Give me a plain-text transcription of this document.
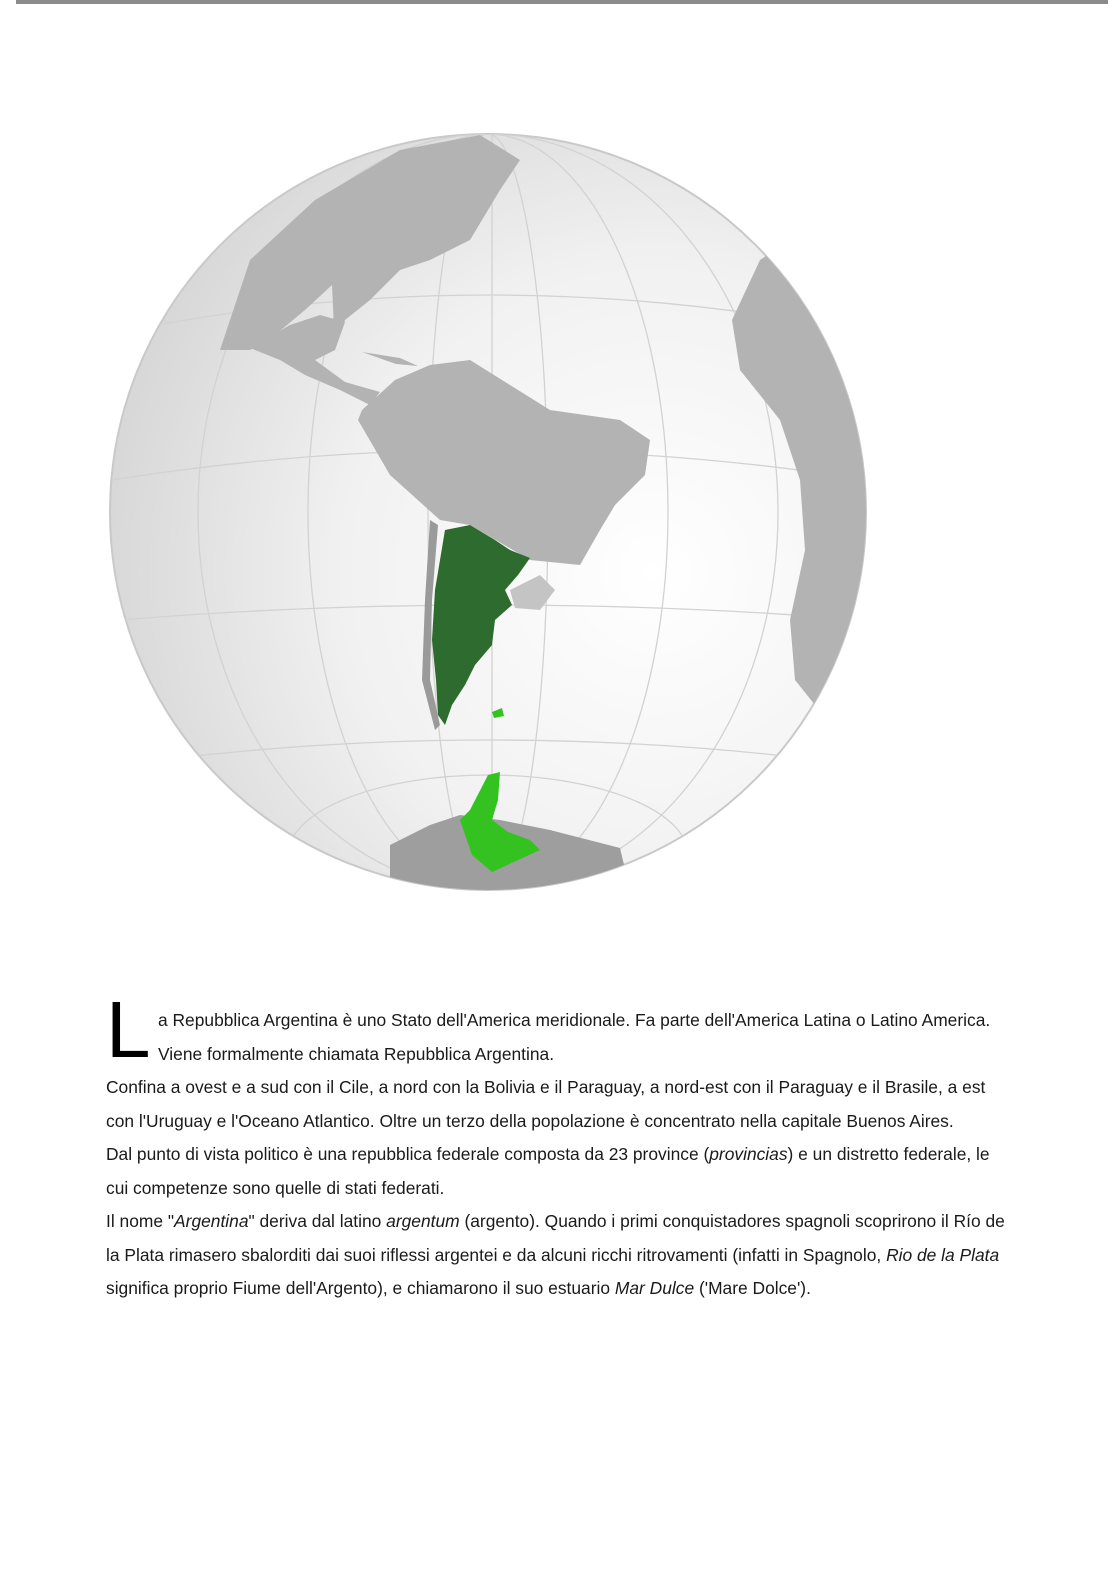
L a Repubblica Argentina è uno Stato dell'America meridionale. Fa parte dell'America Latina o Latino America. Viene formalmente chiamata Repubblica Argentina.

Confina a ovest e a sud con il Cile, a nord con la Bolivia e il Paraguay, a nord-est con il Paraguay e il Brasile, a est con l'Uruguay e l'Oceano Atlantico. Oltre un terzo della popolazione è concentrato nella capitale Buenos Aires.

Dal punto di vista politico è una repubblica federale composta da 23 province (provincias) e un distretto federale, le cui competenze sono quelle di stati federati.

Il nome "Argentina" deriva dal latino argentum (argento). Quando i primi conquistadores spagnoli scoprirono il Río de la Plata rimasero sbalorditi dai suoi riflessi argentei e da alcuni ricchi ritrovamenti (infatti in Spagnolo, Rio de la Plata significa proprio Fiume dell'Argento), e chiamarono il suo estuario Mar Dulce ('Mare Dolce').
